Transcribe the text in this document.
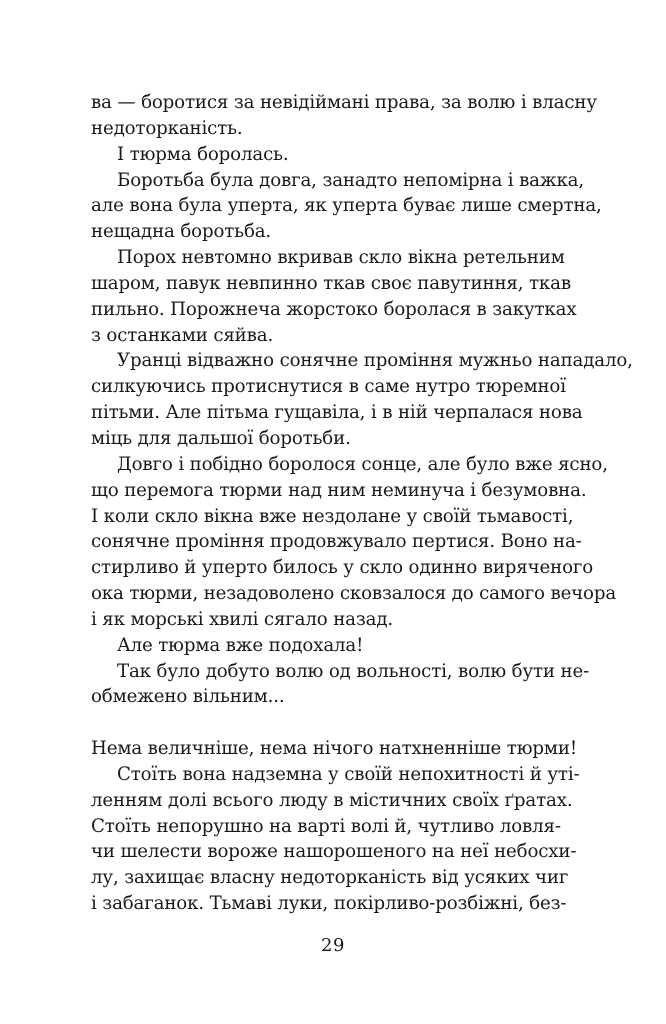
ва — боротися за невідіймані права, за волю і власну
недоторканість.
І тюрма боролась.
Боротьба була довга, занадто непомірна і важка,
але вона була уперта, як уперта буває лише смертна,
нещадна боротьба.
Порох невтомно вкривав скло вікна ретельним
шаром, павук невпинно ткав своє павутиння, ткав
пильно. Порожнеча жорстоко боролася в закутках
з останками сяйва.
Уранці відважно сонячне проміння мужньо нападало,
силкуючись протиснутися в саме нутро тюремної
пітьми. Але пітьма гущавіла, і в ній черпалася нова
міць для дальшої боротьби.
Довго і побідно боролося сонце, але було вже ясно,
що перемога тюрми над ним неминуча і безумовна.
І коли скло вікна вже нездолане у своїй тьмавості,
сонячне проміння продовжувало пертися. Воно на-
стирливо й уперто билось у скло одинно виряченого
ока тюрми, незадоволено сковзалося до самого вечора
і як морські хвилі сягало назад.
Але тюрма вже подохала!
Так було добуто волю од вольності, волю бути не-
обмежено вільним...
Нема величніше, нема нічого натхненніше тюрми!
Стоїть вона надземна у своїй непохитності й уті-
ленням долі всього люду в містичних своїх ґратах.
Стоїть непорушно на варті волі й, чутливо ловля-
чи шелести вороже нашорошеного на неї небосхи-
лу, захищає власну недоторканість від усяких чиг
і забаганок. Тьмаві луки, покірливо-розбіжні, без-
29
